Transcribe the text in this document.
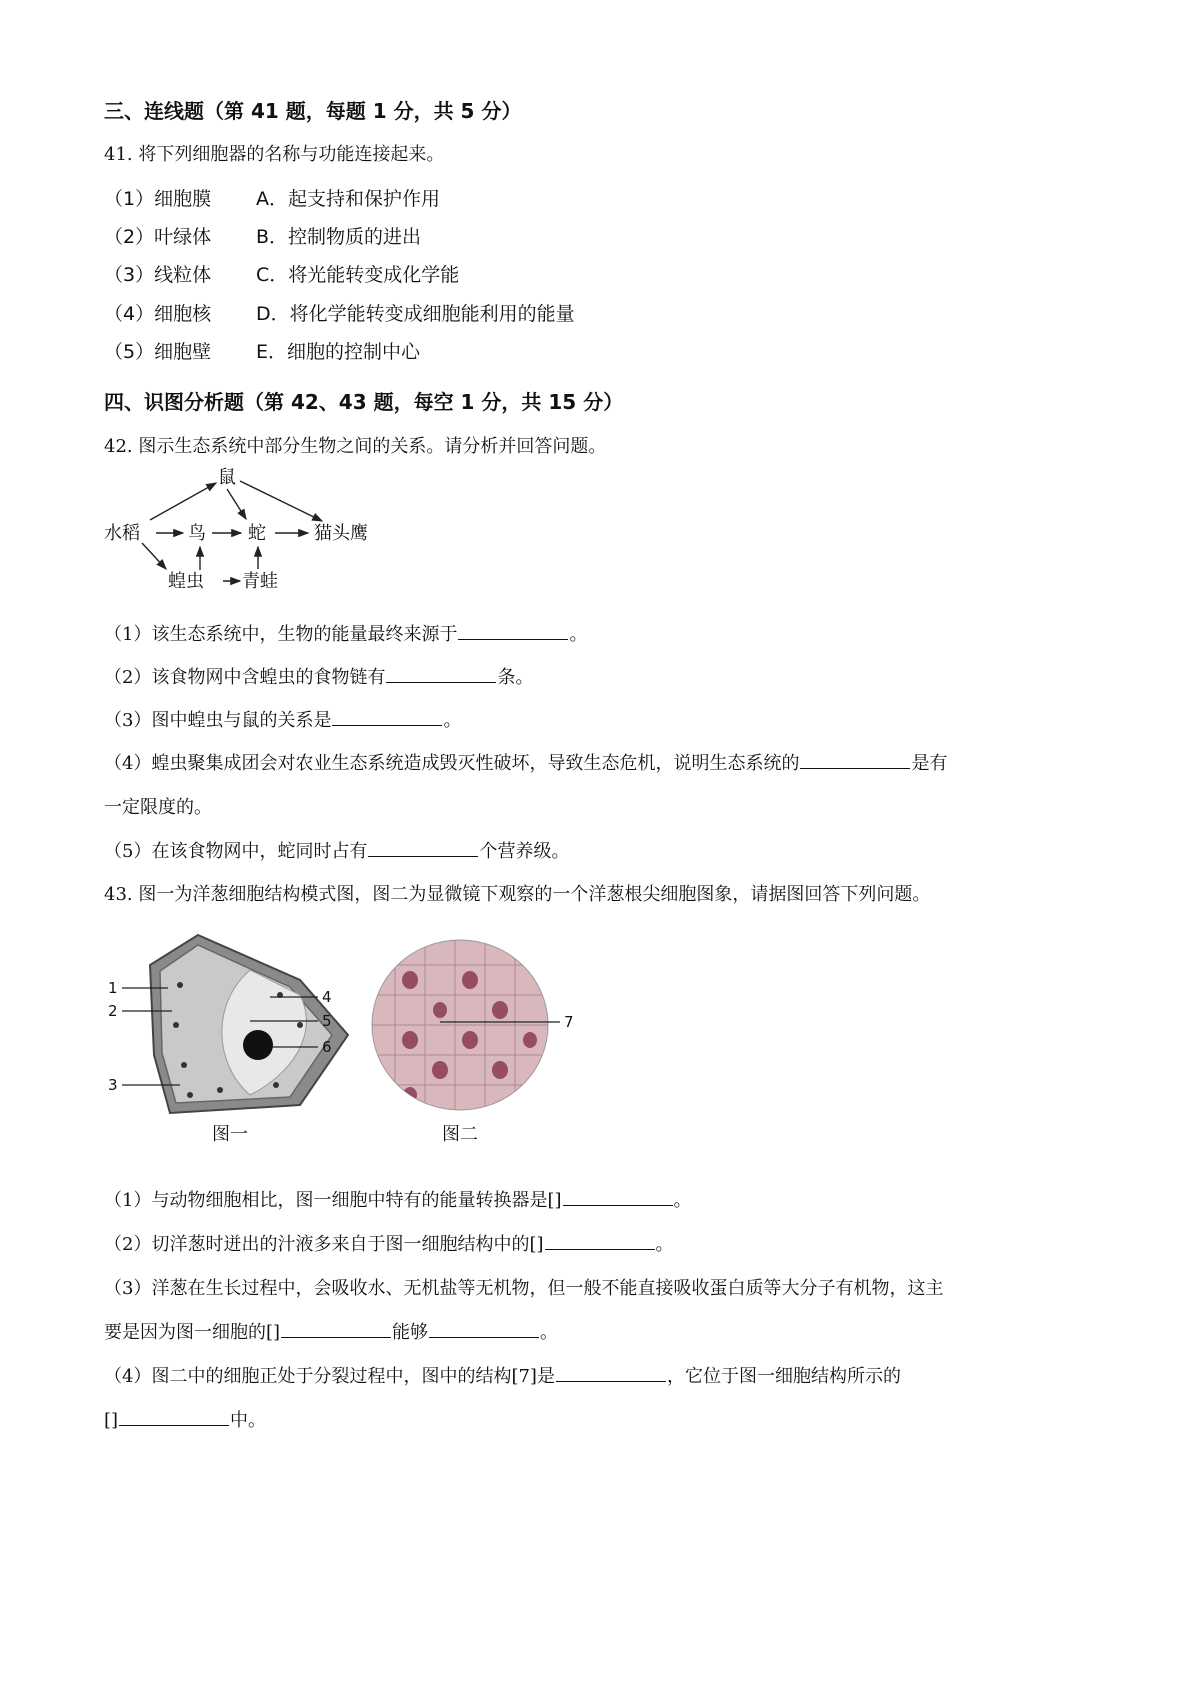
三、连线题（第 41 题，每题 1 分，共 5 分）
41. 将下列细胞器的名称与功能连接起来。
（1）细胞膜 A．起支持和保护作用
（2）叶绿体 B．控制物质的进出
（3）线粒体 C．将光能转变成化学能
（4）细胞核 D．将化学能转变成细胞能利用的能量
（5）细胞壁 E．细胞的控制中心
四、识图分析题（第 42、43 题，每空 1 分，共 15 分）
42. 图示生态系统中部分生物之间的关系。请分析并回答问题。
鼠
水稻	鸟 蛇	猫头鹰
蝗虫 青蛙
（1）该生态系统中，生物的能量最终来源于	。
（2）该食物网中含蝗虫的食物链有	条。
（3）图中蝗虫与鼠的关系是	。
（4）蝗虫聚集成团会对农业生态系统造成毁灭性破坏，导致生态危机，说明生态系统的	是有
一定限度的。
（5）在该食物网中，蛇同时占有	个营养级。
43. 图一为洋葱细胞结构模式图，图二为显微镜下观察的一个洋葱根尖细胞图象，请据图回答下列问题。
1
2
3
4
5
6
图一
7
图二
（1）与动物细胞相比，图一细胞中特有的能量转换器是[]	。
（2）切洋葱时迸出的汁液多来自于图一细胞结构中的[]	。
（3）洋葱在生长过程中，会吸收水、无机盐等无机物，但一般不能直接吸收蛋白质等大分子有机物，这主
要是因为图一细胞的[]	能够	。
（4）图二中的细胞正处于分裂过程中，图中的结构[7]是	，它位于图一细胞结构所示的
[]	中。
